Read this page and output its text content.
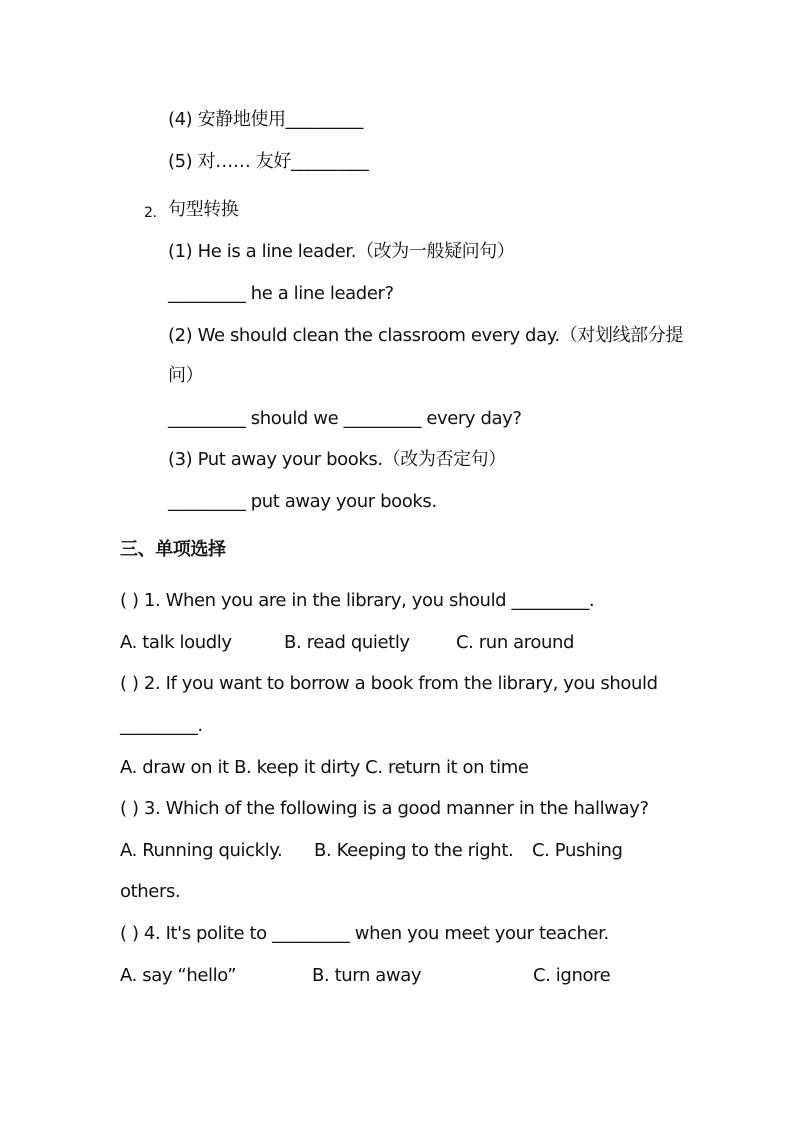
(4) 安静地使用_________
(5) 对…… 友好_________
2. 句型转换
(1) He is a line leader.（改为一般疑问句）
_________ he a line leader?
(2) We should clean the classroom every day.（对划线部分提
问）
_________ should we _________ every day?
(3) Put away your books.（改为否定句）
_________ put away your books.
三、单项选择
( ) 1. When you are in the library, you should _________.
A. talk loudly	B. read quietly	C. run around
( ) 2. If you want to borrow a book from the library, you should
_________.
A. draw on it B. keep it dirty C. return it on time
( ) 3. Which of the following is a good manner in the hallway?
A. Running quickly. B. Keeping to the right. C. Pushing
others.
( ) 4. It's polite to _________ when you meet your teacher.
A. say “hello”	B. turn away	C. ignore
